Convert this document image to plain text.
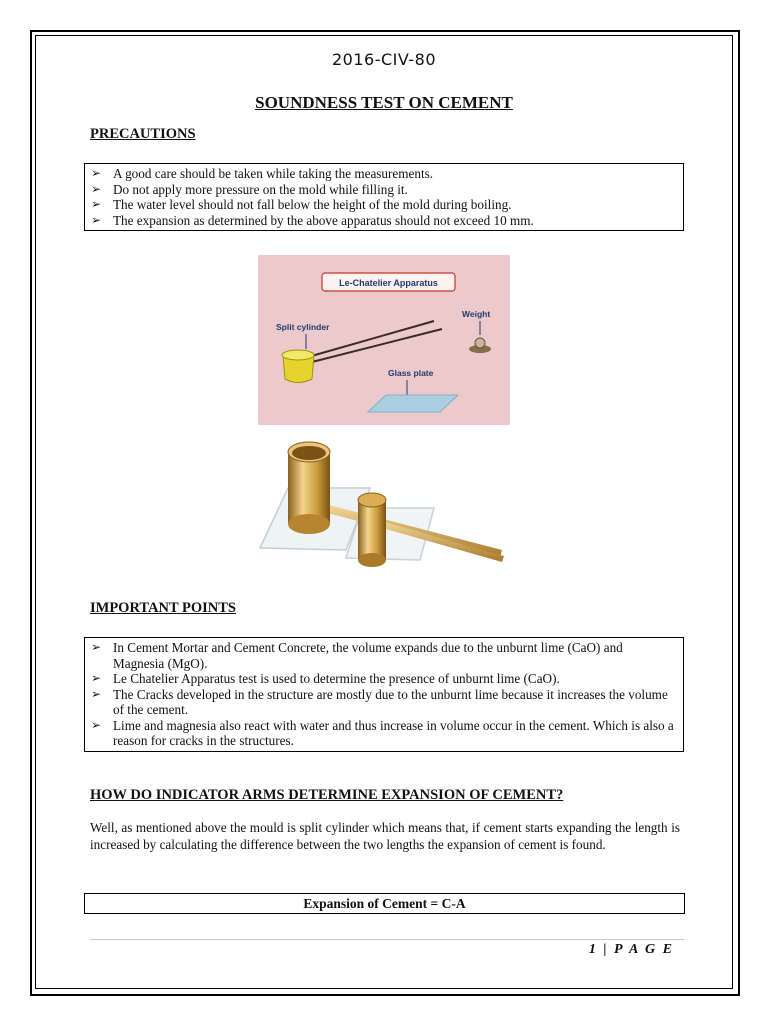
2016-CIV-80
SOUNDNESS TEST ON CEMENT
PRECAUTIONS
➢ A good care should be taken while taking the measurements.
➢ Do not apply more pressure on the mold while filling it.
➢ The water level should not fall below the height of the mold during boiling.
➢ The expansion as determined by the above apparatus should not exceed 10 mm.
Le-Chatelier Apparatus
Split cylinder
Weight
Glass plate
IMPORTANT POINTS
➢ In Cement Mortar and Cement Concrete, the volume expands due to the unburnt lime (CaO) and Magnesia (MgO).
➢ Le Chatelier Apparatus test is used to determine the presence of unburnt lime (CaO).
➢ The Cracks developed in the structure are mostly due to the unburnt lime because it increases the volume of the cement.
➢ Lime and magnesia also react with water and thus increase in volume occur in the cement. Which is also a reason for cracks in the structures.
HOW DO INDICATOR ARMS DETERMINE EXPANSION OF CEMENT?
Well, as mentioned above the mould is split cylinder which means that, if cement starts expanding the length is increased by calculating the difference between the two lengths the expansion of cement is found.
Expansion of Cement = C-A
1 | P A G E
